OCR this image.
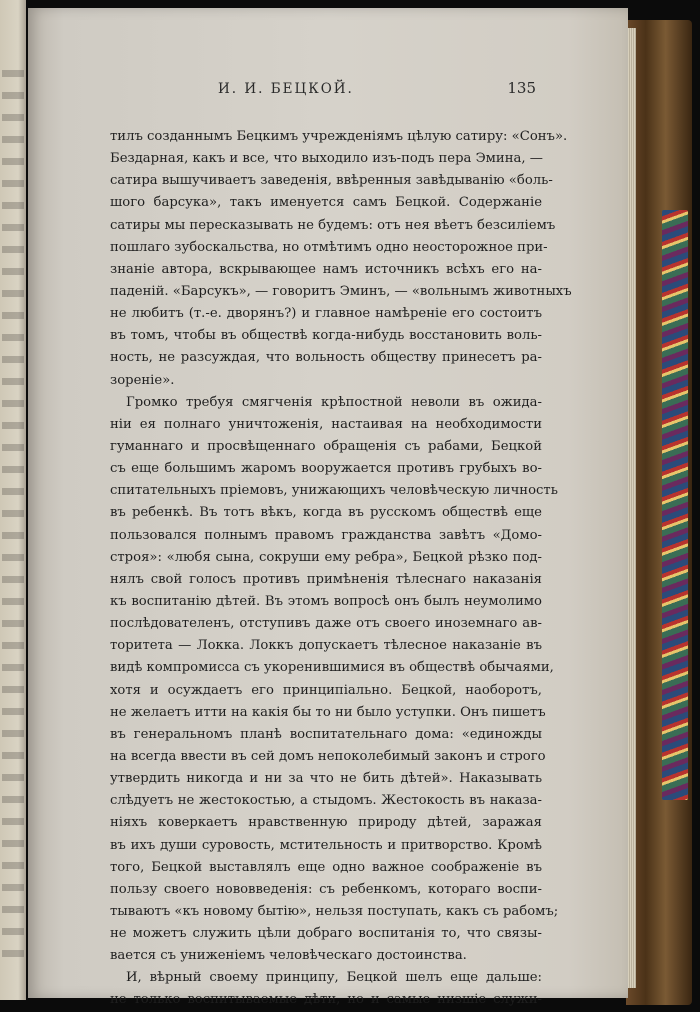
И. И. БЕЦКОЙ.	135
тилъ созданнымъ Бецкимъ учрежденіямъ цѣлую сатиру: «Сонъ».
Бездарная, какъ и все, что выходило изъ-подъ пера Эмина, —
сатира вышучиваетъ заведенія, ввѣренныя завѣдыванію «боль-
шого барсука», такъ именуется самъ Бецкой. Содержаніе
сатиры мы пересказывать не будемъ: отъ нея вѣетъ безсиліемъ
пошлаго зубоскальства, но отмѣтимъ одно неосторожное при-
знаніе автора, вскрывающее намъ источникъ всѣхъ его на-
паденій. «Барсукъ», — говоритъ Эминъ, — «вольнымъ животныхъ
не любитъ (т.-е. дворянъ?) и главное намѣреніе его состоитъ
въ томъ, чтобы въ обществѣ когда-нибудь восстановить воль-
ность, не разсуждая, что вольность обществу принесетъ ра-
зореніе».
Громко требуя смягченія крѣпостной неволи въ ожида-
ніи ея полнаго уничтоженія, настаивая на необходимости
гуманнаго и просвѣщеннаго обращенія съ рабами, Бецкой
съ еще большимъ жаромъ вооружается противъ грубыхъ во-
спитательныхъ пріемовъ, унижающихъ человѣческую личность
въ ребенкѣ. Въ тотъ вѣкъ, когда въ русскомъ обществѣ еще
пользовался полнымъ правомъ гражданства завѣтъ «Домо-
строя»: «любя сына, сокруши ему ребра», Бецкой рѣзко под-
нялъ свой голосъ противъ примѣненія тѣлеснаго наказанія
къ воспитанію дѣтей. Въ этомъ вопросѣ онъ былъ неумолимо
послѣдователенъ, отступивъ даже отъ своего иноземнаго ав-
торитета — Локка. Локкъ допускаетъ тѣлесное наказаніе въ
видѣ компромисса съ укоренившимися въ обществѣ обычаями,
хотя и осуждаетъ его принципіально. Бецкой, наоборотъ,
не желаетъ итти на какія бы то ни было уступки. Онъ пишетъ
въ генеральномъ планѣ воспитательнаго дома: «единожды
на всегда ввести въ сей домъ непоколебимый законъ и строго
утвердить никогда и ни за что не бить дѣтей». Наказывать
слѣдуетъ не жестокостью, а стыдомъ. Жестокость въ наказа-
ніяхъ коверкаетъ нравственную природу дѣтей, заражая
въ ихъ души суровость, мстительность и притворство. Кромѣ
того, Бецкой выставлялъ еще одно важное соображеніе въ
пользу своего нововведенія: съ ребенкомъ, котораго воспи-
тываютъ «къ новому бытію», нельзя поступать, какъ съ рабомъ;
не можетъ служить цѣли добраго воспитанія то, что связы-
вается съ униженіемъ человѣческаго достоинства.
И, вѣрный своему принципу, Бецкой шелъ еще дальше:
не только воспитываемые дѣти, но и самые низшіе служи-
